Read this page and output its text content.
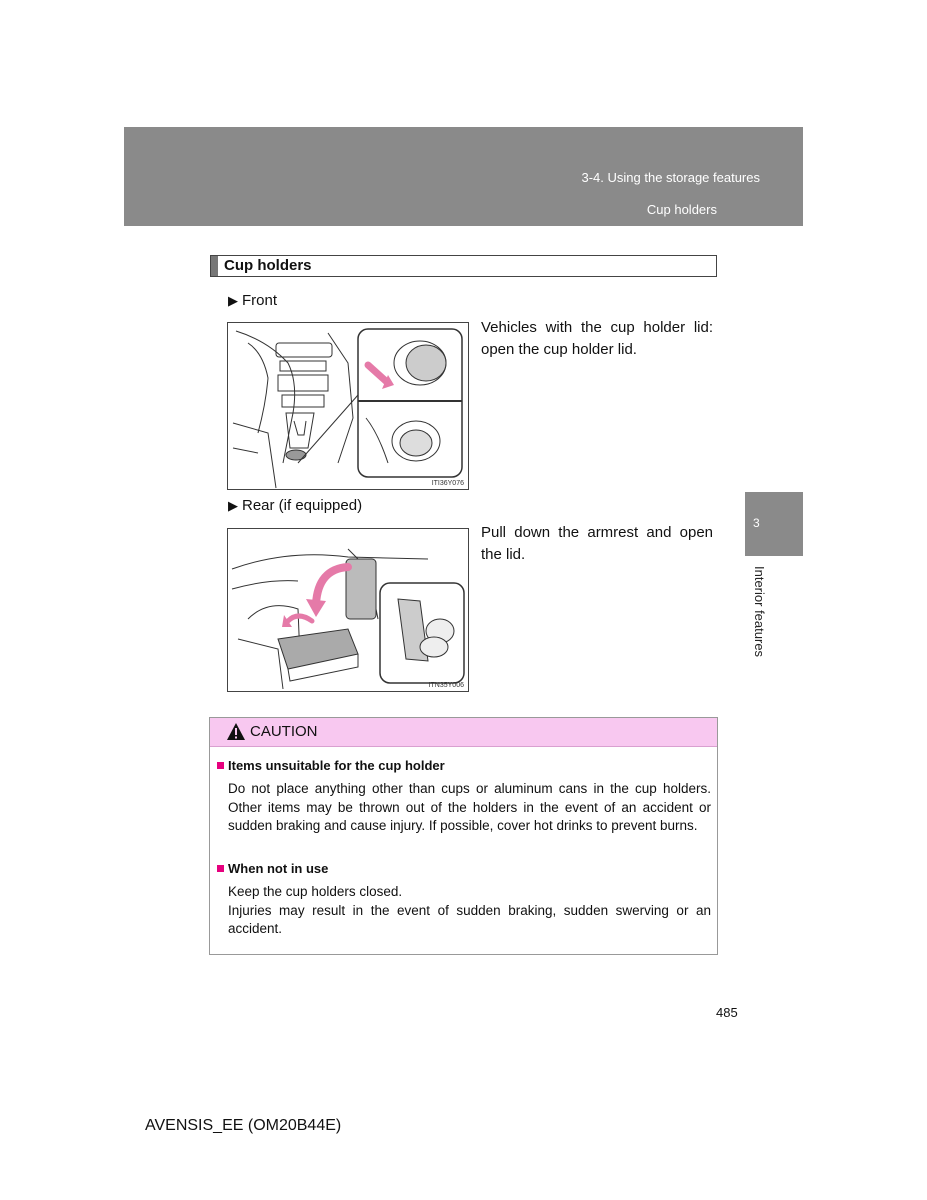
3-4. Using the storage features
Cup holders
3
Interior features
Cup holders
▶ Front
ITI36Y076
Vehicles with the cup holder lid: open the cup holder lid.
▶ Rear (if equipped)
ITN35Y006
Pull down the armrest and open the lid.
CAUTION
Items unsuitable for the cup holder
Do not place anything other than cups or aluminum cans in the cup holders. Other items may be thrown out of the holders in the event of an accident or sudden braking and cause injury. If possible, cover hot drinks to prevent burns.
When not in use
Keep the cup holders closed.
Injuries may result in the event of sudden braking, sudden swerving or an accident.
485
AVENSIS_EE (OM20B44E)
